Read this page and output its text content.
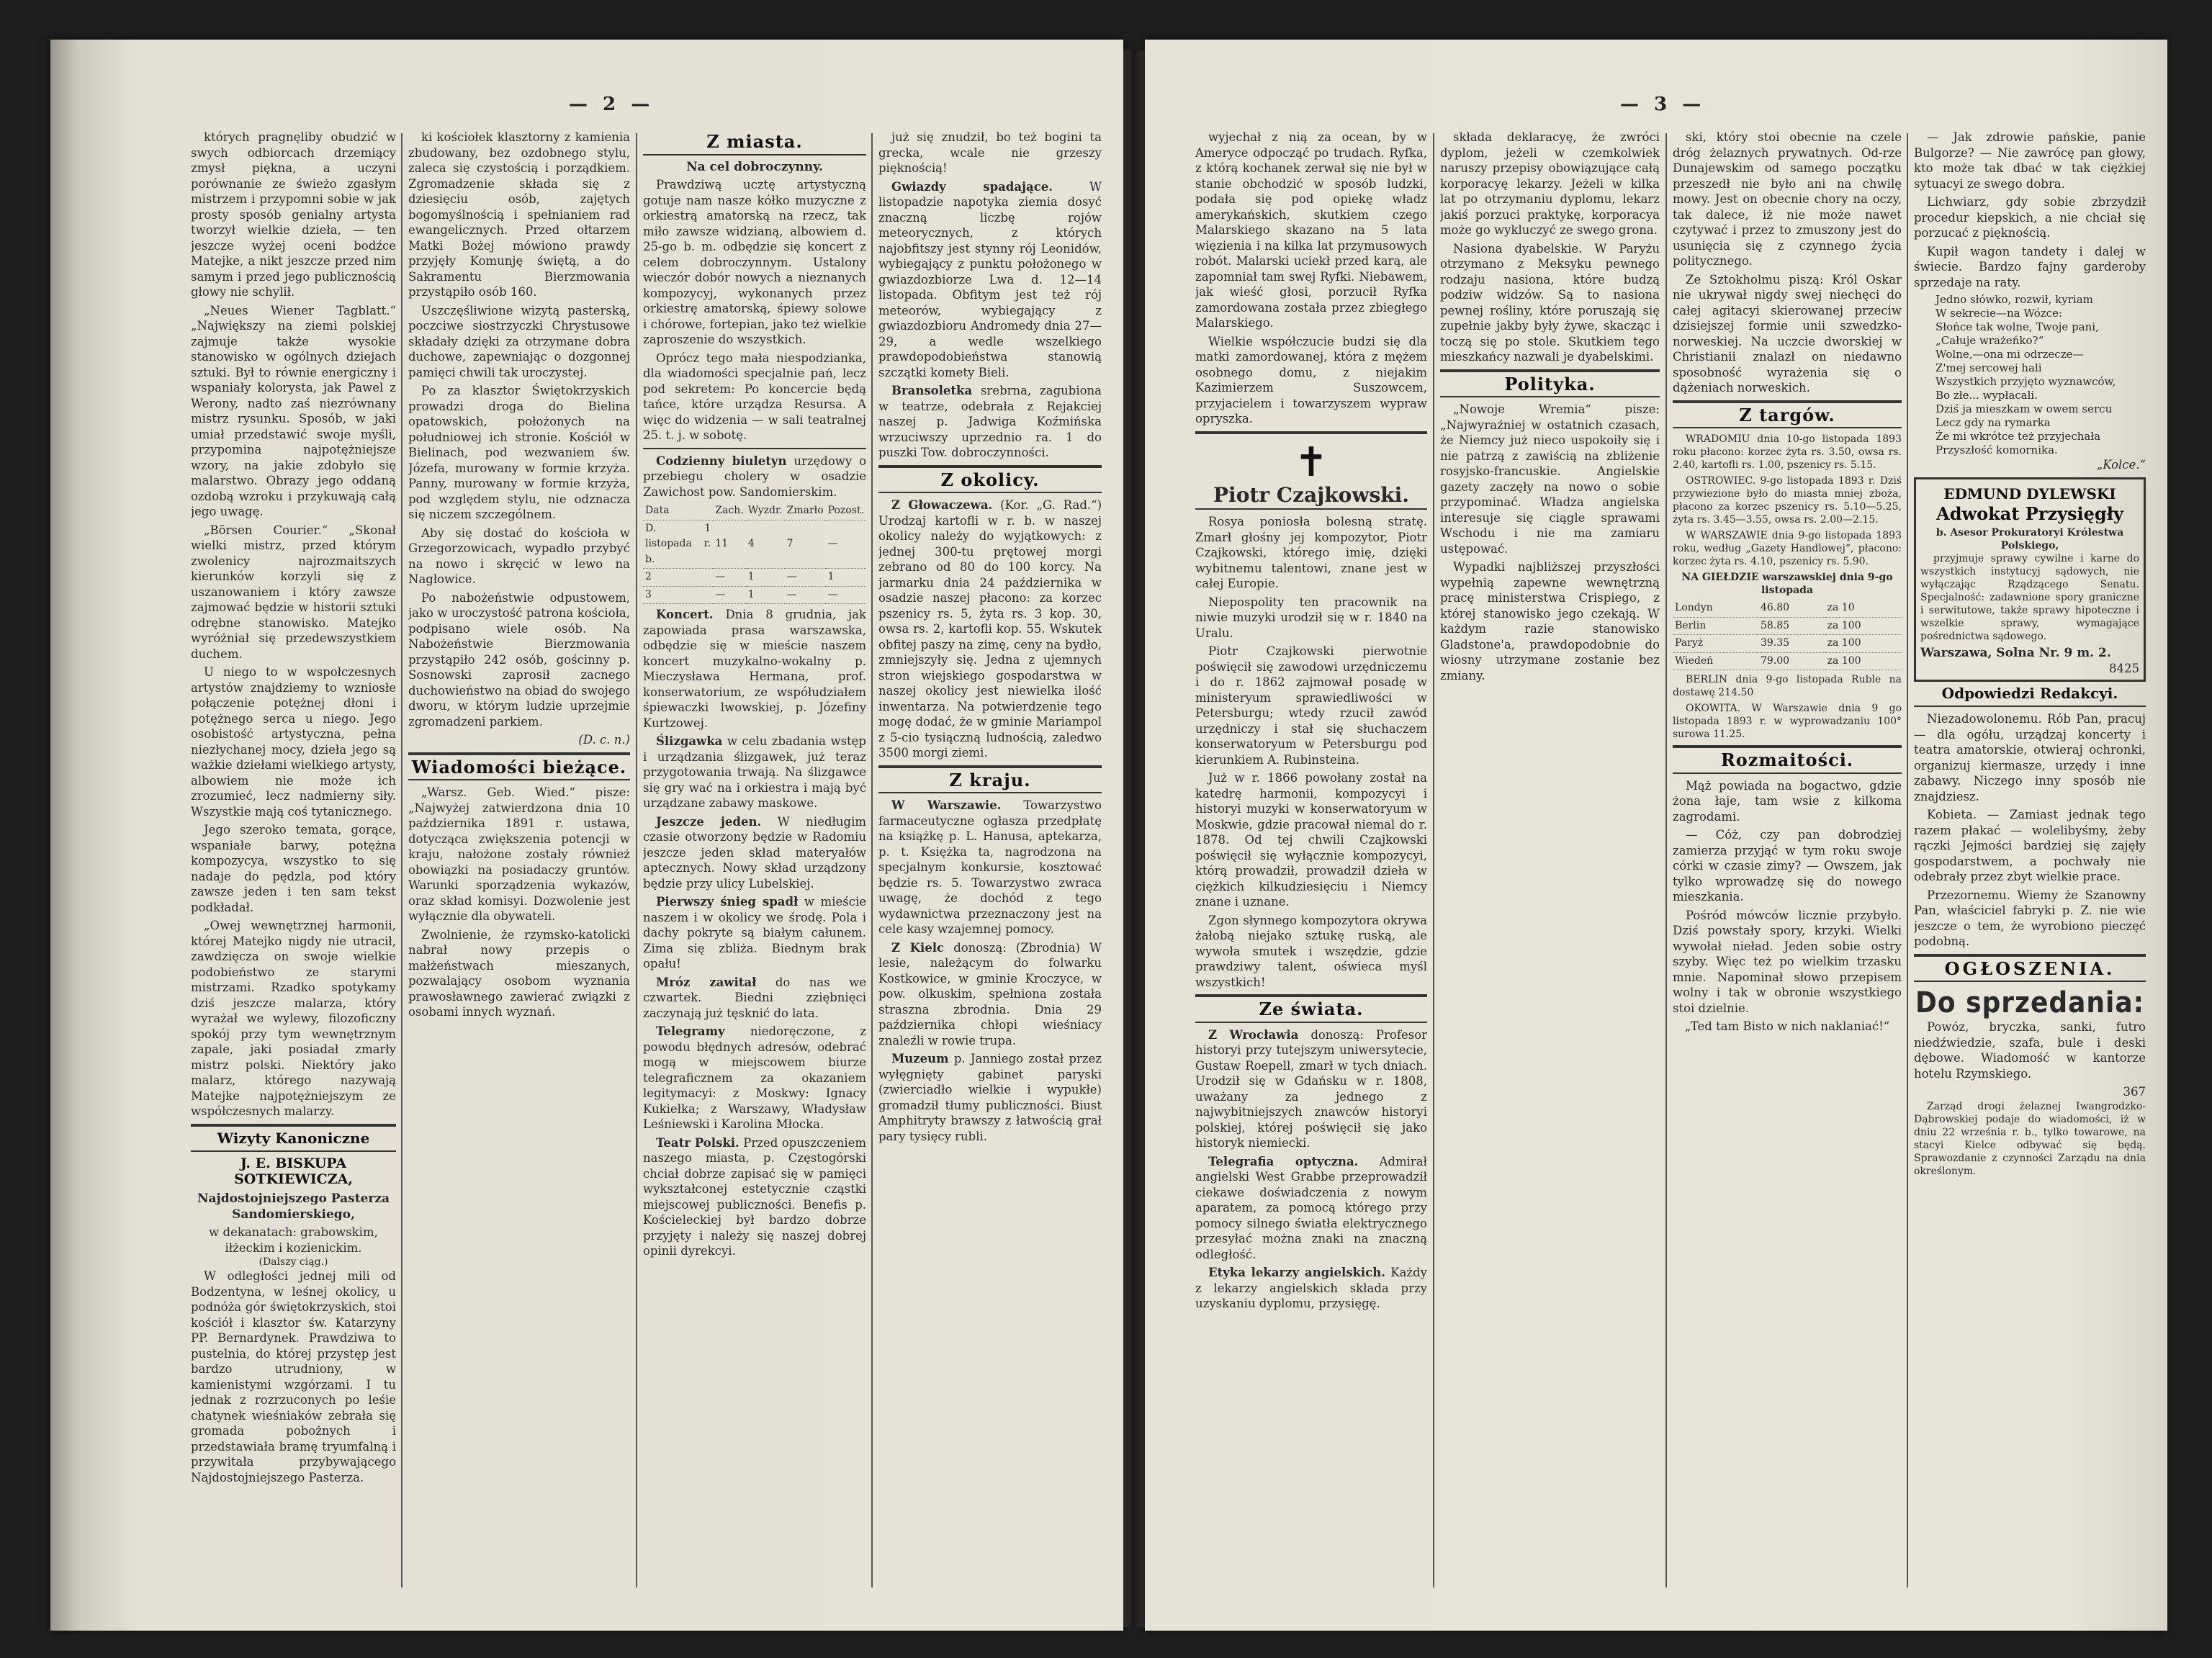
— 2 —

których pragnęliby obudzić w swych odbiorcach drzemiący zmysł piękna, a uczyni porównanie ze świeżo zgasłym mistrzem i przypomni sobie w jak prosty sposób genialny artysta tworzył wielkie dzieła, — ten jeszcze wyżej oceni bodźce Matejke, a nikt jeszcze przed nim samym i przed jego publicznością głowy nie schylił.

„Neues Wiener Tagblatt.“ „Największy na ziemi polskiej zajmuje także wysokie stanowisko w ogólnych dziejach sztuki. Był to równie energiczny i wspaniały kolorysta, jak Pawel z Werony, nadto zaś niezrównany mistrz rysunku. Sposób, w jaki umiał przedstawić swoje myśli, przypomina najpotężniejsze wzory, na jakie zdobyło się malarstwo. Obrazy jego oddaną ozdobą wzroku i przykuwają całą jego uwagę.

„Börsen Courier.“ „Skonał wielki mistrz, przed którym zwolenicy najrozmaitszych kierunków korzyli się z uszanowaniem i który zawsze zajmować będzie w historii sztuki odrębne stanowisko. Matejko wyróżniał się przedewszystkiem duchem.

U niego to w wspołczesnych artystów znajdziemy to wzniosłe połączenie potężnej dłoni i potężnego serca u niego. Jego osobistość artystyczna, pełna niezłychanej mocy, dzieła jego są ważkie dziełami wielkiego artysty, albowiem nie może ich zrozumieć, lecz nadmierny siły. Wszystkie mają coś tytanicznego.

Jego szeroko temata, gorące, wspaniałe barwy, potężna kompozycya, wszystko to się nadaje do pędzla, pod który zawsze jeden i ten sam tekst podkładał.

„Owej wewnętrznej harmonii, której Matejko nigdy nie utracił, zawdzięcza on swoje wielkie podobieństwo ze starymi mistrzami. Rzadko spotykamy dziś jeszcze malarza, który wyrażał we wylewy, filozoficzny spokój przy tym wewnętrznym zapale, jaki posiadał zmarły mistrz polski. Niektóry jako malarz, którego nazywają Matejke najpotężniejszym ze współczesnych malarzy.

Wizyty Kanoniczne
J. E. BISKUPA SOTKIEWICZA,
Najdostojniejszego Pasterza Sandomierskiego,
w dekanatach: grabowskim, iłżeckim i kozienickim.
(Dalszy ciąg.)

W odległości jednej mili od Bodzentyna, w leśnej okolicy, u podnóża gór świętokrzyskich, stoi kościół i klasztor św. Katarzyny PP. Bernardynek. Prawdziwa to pustelnia, do której przystęp jest bardzo utrudniony, w kamienistymi wzgórzami. I tu jednak z rozrzuconych po leśie chatynek wieśniaków zebrała się gromada pobożnych i przedstawiała bramę tryumfalną i przywitała przybywającego Najdostojniejszego Pasterza.

ki kościołek klasztorny z kamienia zbudowany, bez ozdobnego stylu, zaleca się czystością i porządkiem. Zgromadzenie składa się z dziesięciu osób, zajętych bogomyślnością i spełnianiem rad ewangelicznych. Przed ołtarzem Matki Bożej mówiono prawdy przyjęły Komunję świętą, a do Sakramentu Bierzmowania przystąpiło osób 160.

Uszczęśliwione wizytą pasterską, poczciwe siostrzyczki Chrystusowe składały dzięki za otrzymane dobra duchowe, zapewniając o dozgonnej pamięci chwili tak uroczystej.

Po za klasztor Świętokrzyskich prowadzi droga do Bielina opatowskich, położonych na południowej ich stronie. Kościół w Bielinach, pod wezwaniem św. Józefa, murowany w formie krzyża. Panny, murowany w formie krzyża, pod względem stylu, nie odznacza się niczem szczególnem.

Aby się dostać do kościoła w Grzegorzowicach, wypadło przybyć na nowo i skręcić w lewo na Nagłowice.

Po nabożeństwie odpustowem, jako w uroczystość patrona kościoła, podpisano wiele osób. Na Nabożeństwie Bierzmowania przystąpiło 242 osób, gościnny p. Sosnowski zaprosił zacnego duchowieństwo na obiad do swojego dworu, w którym ludzie uprzejmie zgromadzeni parkiem.

(D. c. n.)
Wiadomości bieżące.

„Warsz. Geb. Wied.“ pisze: „Najwyżej zatwierdzona dnia 10 października 1891 r. ustawa, dotycząca zwiększenia potencji w kraju, nałożone zostały również obowiązki na posiadaczy gruntów. Warunki sporządzenia wykazów, oraz skład komisyi. Dozwolenie jest wyłącznie dla obywateli.

Zwolnienie, że rzymsko-katolicki nabrał nowy przepis o małżeństwach mieszanych, pozwalający osobom wyznania prawosławnego zawierać związki z osobami innych wyznań.

Z miasta.
Na cel dobroczynny.

Prawdziwą ucztę artystyczną gotuje nam nasze kółko muzyczne z orkiestrą amatorską na rzecz, tak miło zawsze widzianą, albowiem d. 25-go b. m. odbędzie się koncert z celem dobroczynnym. Ustalony wieczór dobór nowych a nieznanych kompozycyj, wykonanych przez orkiestrę amatorską, śpiewy solowe i chórowe, fortepian, jako też wielkie zaproszenie do wszystkich.

Oprócz tego mała niespodzianka, dla wiadomości specjalnie pań, lecz pod sekretem: Po koncercie będą tańce, które urządza Resursa. A więc do widzenia — w sali teatralnej 25. t. j. w sobotę.

Codzienny biuletyn urzędowy o przebiegu cholery w osadzie Zawichost pow. Sandomierskim.

Data	Zach.	Wyzdr.	Zmarło	Pozost.
D. 1 listopada r. b.	11	4	7	—
2	—	1	—	1
3	—	1	—	—

Koncert. Dnia 8 grudnia, jak zapowiada prasa warszawska, odbędzie się w mieście naszem koncert muzykalno-wokalny p. Mieczysława Hermana, prof. konserwatorium, ze współudziałem śpiewaczki lwowskiej, p. Józefiny Kurtzowej.

Ślizgawka w celu zbadania wstęp i urządzania ślizgawek, już teraz przygotowania trwają. Na ślizgawce się gry wać na i orkiestra i mają być urządzane zabawy maskowe.

Jeszcze jeden. W niedługim czasie otworzony będzie w Radomiu jeszcze jeden skład materyałów aptecznych. Nowy skład urządzony będzie przy ulicy Lubelskiej.

Pierwszy śnieg spadł w mieście naszem i w okolicy we środę. Pola i dachy pokryte są białym całunem. Zima się zbliża. Biednym brak opału!

Mróz zawitał do nas we czwartek. Biedni zziębnięci zaczynają już tęsknić do lata.

Telegramy niedoręczone, z powodu błędnych adresów, odebrać mogą w miejscowem biurze telegraficznem za okazaniem legitymacyi: z Moskwy: Ignacy Kukiełka; z Warszawy, Władysław Leśniewski i Karolina Młocka.

Teatr Polski. Przed opuszczeniem naszego miasta, p. Częstogórski chciał dobrze zapisać się w pamięci wykształconej estetycznie cząstki miejscowej publiczności. Benefis p. Kościeleckiej był bardzo dobrze przyjęty i należy się naszej dobrej opinii dyrekcyi.

już się znudził, bo też bogini ta grecka, wcale nie grzeszy pięknością!

Gwiazdy spadające.	W listopadzie napotyka ziemia dosyć znaczną liczbę rojów meteorycznych, z których najobfitszy jest stynny rój Leonidów, wybiegający z punktu położonego w gwiazdozbiorze Lwa d. 12—14 listopada. Obfitym jest też rój meteorów, wybiegający z gwiazdozbioru Andromedy dnia 27—29, a wedle wszelkiego prawdopodobieństwa stanowią szczątki komety Bieli.

Bransoletka srebrna, zagubiona w teatrze, odebrała z Rejakciej naszej p. Jadwiga Koźmińska wrzuciwszy uprzednio ra. 1 do puszki Tow. dobroczynności.

Z okolicy.

Z Głowaczewa. (Kor. „G. Rad.“) Urodzaj kartofli w r. b. w naszej okolicy należy do wyjątkowych: z jednej 300-tu prętowej morgi zebrano od 80 do 100 korcy. Na jarmarku dnia 24 października w osadzie naszej płacono: za korzec pszenicy rs. 5, żyta rs. 3 kop. 30, owsa rs. 2, kartofli kop. 55. Wskutek obfitej paszy na zimę, ceny na bydło, zmniejszyły się. Jedna z ujemnych stron wiejskiego gospodarstwa w naszej okolicy jest niewielka ilość inwentarza. Na potwierdzenie tego mogę dodać, że w gminie Mariampol z 5-cio tysiączną ludnością, zaledwo 3500 morgi ziemi.

Z kraju.

W Warszawie. Towarzystwo farmaceutyczne ogłasza przedpłatę na książkę p. L. Hanusa, aptekarza, p. t. Księżka ta, nagrodzona na specjalnym konkursie, kosztować będzie rs. 5. Towarzystwo zwraca uwagę, że dochód z tego wydawnictwa przeznaczony jest na cele kasy wzajemnej pomocy.

Z Kielc donoszą: (Zbrodnia) W lesie, należącym do folwarku Kostkowice, w gminie Kroczyce, w pow. olkuskim, spełniona została straszna zbrodnia. Dnia 29 października chłopi wieśniacy znaleźli w rowie trupa.

Muzeum p. Janniego został przez wyłęgnięty gabinet paryski (zwierciadło wielkie i wypukłe) gromadził tłumy publiczności. Biust Amphitryty brawszy z łatwością grał pary tysięcy rubli.

— 3 —

wyjechał z nią za ocean, by w Ameryce odpocząć po trudach. Ryfka, z którą kochanek zerwał się nie był w stanie obchodzić w sposób ludzki, podała się pod opiekę władz amerykańskich, skutkiem czego Malarskiego skazano na 5 lata więzienia i na kilka lat przymusowych robót. Malarski uciekł przed karą, ale zapomniał tam swej Ryfki. Niebawem, jak wieść głosi, porzucił Ryfka zamordowana została przez zbiegłego Malarskiego.

Wielkie współczucie budzi się dla matki zamordowanej, która z mężem osobnego domu, z niejakim Kazimierzem Suszowcem, przyjacielem i towarzyszem wypraw opryszka.

✝
Piotr Czajkowski.

Rosya poniosła bolesną stratę. Zmarł głośny jej kompozytor, Piotr Czajkowski, którego imię, dzięki wybitnemu talentowi, znane jest w całej Europie.

Niepospolity ten pracownik na niwie muzyki urodził się w r. 1840 na Uralu.

Piotr Czajkowski pierwotnie poświęcił się zawodowi urzędniczemu i do r. 1862 zajmował posadę w ministeryum sprawiedliwości w Petersburgu; wtedy rzucił zawód urzędniczy i stał się słuchaczem konserwatoryum w Petersburgu pod kierunkiem A. Rubinsteina.

Już w r. 1866 powołany został na katedrę harmonii, kompozycyi i historyi muzyki w konserwatoryum w Moskwie, gdzie pracował niemal do r. 1878. Od tej chwili Czajkowski poświęcił się wyłącznie kompozycyi, którą prowadził, prowadził dzieła w ciężkich kilkudziesięciu i Niemcy znane i uznane.

Zgon słynnego kompozytora okrywa żałobą niejako sztukę ruską, ale wywoła smutek i wszędzie, gdzie prawdziwy talent, oświeca myśl wszystkich!

Ze świata.

Z Wrocławia donoszą: Profesor historyi przy tutejszym uniwersytecie, Gustaw Roepell, zmarł w tych dniach. Urodził się w Gdańsku w r. 1808, uważany za jednego z najwybitniejszych znawców historyi polskiej, której poświęcił się jako historyk niemiecki.

Telegrafia optyczna. Admirał angielski West Grabbe przeprowadził ciekawe doświadczenia z nowym aparatem, za pomocą którego przy pomocy silnego światła elektrycznego przesyłać można znaki na znaczną odległość.

Etyka lekarzy angielskich. Każdy z lekarzy angielskich składa przy uzyskaniu dyplomu, przysięgę.

składa deklaracyę, że zwróci dyplom, jeżeli w czemkolwiek naruszy przepisy obowiązujące całą korporacyę lekarzy. Jeżeli w kilka lat po otrzymaniu dyplomu, lekarz jakiś porzuci praktykę, korporacya może go wykluczyć ze swego grona.

Nasiona dyabelskie. W Paryżu otrzymano z Meksyku pewnego rodzaju nasiona, które budzą podziw widzów. Są to nasiona pewnej rośliny, które poruszają się zupełnie jakby były żywe, skacząc i toczą się po stole. Skutkiem tego mieszkańcy nazwali je dyabelskimi.

Polityka.

„Nowoje Wremia“ pisze: „Najwyraźniej w ostatnich czasach, że Niemcy już nieco uspokoiły się i nie patrzą z zawiścią na zbliżenie rosyjsko-francuskie. Angielskie gazety zaczęły na nowo o sobie przypominać. Władza angielska interesuje się ciągle sprawami Wschodu i nie ma zamiaru ustępować.

Wypadki najbliższej przyszłości wypełnią zapewne wewnętrzną pracę ministerstwa Crispiego, z której stanowisko jego czekają. W każdym razie stanowisko Gladstone'a, prawdopodobnie do wiosny utrzymane zostanie bez zmiany.

ski, który stoi obecnie na czele dróg żelaznych prywatnych. Od-rze Dunajewskim od samego początku przeszedł nie było ani na chwilę mowy. Jest on obecnie chory na oczy, tak dalece, iż nie może nawet czytywać i przez to zmuszony jest do usunięcia się z czynnego życia politycznego.

Ze Sztokholmu piszą: Król Oskar nie ukrywał nigdy swej niechęci do całej agitacyi skierowanej przeciw dzisiejszej formie unii szwedzko-norweskiej. Na uczcie dworskiej w Christianii znalazł on niedawno sposobność wyrażenia się o dążeniach norweskich.

Z targów.

WRADOMIU dnia 10-go listopada 1893 roku płacono: korzec żyta rs. 3.50, owsa rs. 2.40, kartofli rs. 1.00, pszenicy rs. 5.15.

OSTROWIEC. 9-go listopada 1893 r. Dziś przywiezione było do miasta mniej zboża, płacono za korzec pszenicy rs. 5.10—5.25, żyta rs. 3.45—3.55, owsa rs. 2.00—2.15.

W WARSZAWIE dnia 9-go listopada 1893 roku, według „Gazety Handlowej“, płacono: korzec żyta rs. 4.10, pszenicy rs. 5.90.

NA GIEŁDZIE warszawskiej dnia 9-go listopada
Londyn	46.80	za 10
Berlin	58.85	za 100
Paryż	39.35	za 100
Wiedeń	79.00	za 100

BERLIN dnia 9-go listopada Ruble na dostawę 214.50

OKOWITA. W Warszawie dnia 9 go listopada 1893 r. w wyprowadzaniu 100° surowa 11.25.

Rozmaitości.

Mąż powiada na bogactwo, gdzie żona łaje, tam wsie z kilkoma zagrodami.

— Cóż, czy pan dobrodziej zamierza przyjąć w tym roku swoje córki w czasie zimy? — Owszem, jak tylko wprowadzę się do nowego mieszkania.

Pośród mówców licznie przybyło. Dziś powstały spory, krzyki. Wielki wywołał nieład. Jeden sobie ostry szyby. Więc też po wielkim trzasku mnie. Napominał słowo przepisem wolny i tak w obronie wszystkiego stoi dzielnie.

„Ted tam Bisto w nich naklaniać!“

— Jak zdrowie pańskie, panie Bulgorze? — Nie zawrócę pan głowy, kto może tak dbać w tak ciężkiej sytuacyi ze swego dobra.

Lichwiarz, gdy sobie zbrzydził procedur kiepskich, a nie chciał się porzucać z pięknością.

Kupił wagon tandety i dalej w świecie. Bardzo fajny garderoby sprzedaje na raty.

Jedno słówko, rozwił, kyriam
W sekrecie—na Wózce:
Słońce tak wolne, Twoje pani,
„Całuje wrażeńko?“
Wolne,—ona mi odrzecze—
Z'mej sercowej hali
Wszystkich przyjęto wyznawców,
Bo złe... wypłacali.
Dziś ja mieszkam w owem sercu
Lecz gdy na rymarka
Że mi wkrótce też przyjechała
Przyszłość komornika.
„Kolce.“
EDMUND DYLEWSKI
Adwokat Przysięgły
b. Asesor Prokuratoryi Królestwa Polskiego,

przyjmuje sprawy cywilne i karne do wszystkich instytucyj sądowych, nie wyłączając Rządzącego Senatu. Specjalność: zadawnione spory graniczne i serwitutowe, także sprawy hipoteczne i wszelkie sprawy, wymagające pośrednictwa sądowego.

Warszawa, Solna Nr. 9 m. 2.
8425
Odpowiedzi Redakcyi.

Niezadowolonemu. Rób Pan, pracuj— dla ogółu, urządzaj koncerty i teatra amatorskie, otwieraj ochronki, organizuj kiermasze, urzędy i inne zabawy. Niczego inny sposób nie znajdziesz.

Kobieta. — Zamiast jednak tego razem płakać — wolelibyśmy, żeby rączki Jejmości bardziej się zajęły gospodarstwem, a pochwały nie odebrały przez zbyt wielkie prace.

Przezornemu. Wiemy że Szanowny Pan, właściciel fabryki p. Z. nie wie jeszcze o tem, że wyrobiono pieczęć podobną.

OGŁOSZENIA.
Do sprzedania:

Powóz, bryczka, sanki, futro niedźwiedzie, szafa, bule i deski dębowe. Wiadomość w kantorze hotelu Rzymskiego.

367

Zarząd drogi żelaznej Iwangrodzko-Dąbrowskiej podaje do wiadomości, iż w dniu 22 września r. b., tylko towarowe, na stacyi Kielce odbywać się będą. Sprawozdanie z czynności Zarządu na dnia określonym.
